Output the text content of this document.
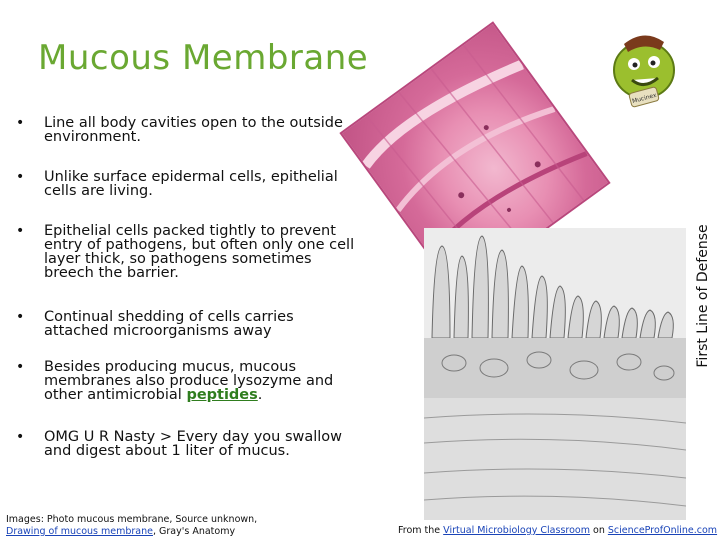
Mucous Membrane
•	Line all body cavities open to the outside environment.
•	Unlike surface epidermal cells, epithelial cells are living.
•	Epithelial cells packed tightly to prevent entry of pathogens, but often only one cell layer thick, so pathogens sometimes breech the barrier.
•	Continual shedding of cells carries attached microorganisms away
•	Besides producing mucus, mucous membranes also produce lysozyme and other antimicrobial peptides.
•	OMG U R Nasty > Every day you swallow and digest about 1 liter of mucus.
Mucinex
First Line of Defense
Images: Photo mucous membrane, Source unknown,
Drawing of mucous membrane, Gray's Anatomy	From the Virtual Microbiology Classroom on ScienceProfOnline.com
